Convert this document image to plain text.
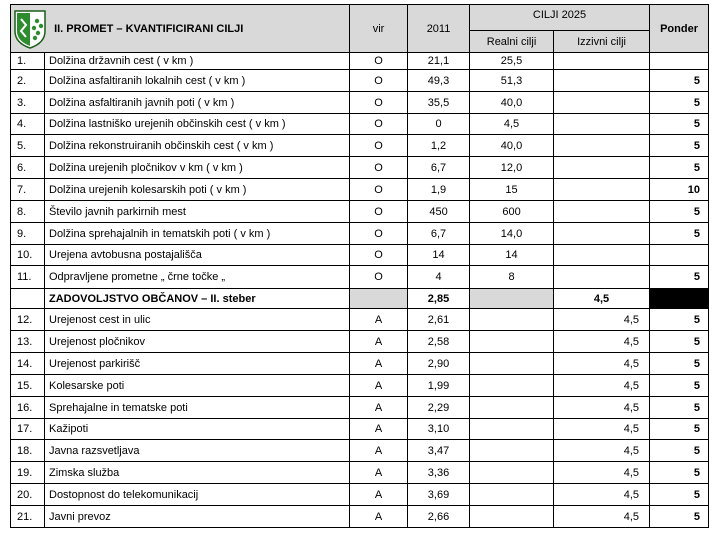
II. PROMET – KVANTIFICIRANI CILJI		vir	2011	CILJI 2025		Ponder
				Realni cilji	Izzivni cilji	
1.	Dolžina državnih cest ( v km )	O	21,1	25,5		
2.	Dolžina asfaltiranih lokalnih cest ( v km )	O	49,3	51,3		5
3.	Dolžina asfaltiranih javnih poti ( v km )	O	35,5	40,0		5
4.	Dolžina lastniško urejenih občinskih cest ( v km )	O	0	4,5		5
5.	Dolžina rekonstruiranih občinskih cest ( v km )	O	1,2	40,0		5
6.	Dolžina urejenih pločnikov v km ( v km )	O	6,7	12,0		5
7.	Dolžina urejenih kolesarskih poti ( v km )	O	1,9	15		10
8.	Število javnih parkirnih mest	O	450	600		5
9.	Dolžina sprehajalnih in tematskih poti ( v km )	O	6,7	14,0		5
10.	Urejena avtobusna postajališča	O	14	14		
11.	Odpravljene prometne „ črne točke „	O	4	8		5
	ZADOVOLJSTVO OBČANOV – II. steber		2,85		4,5	
12.	Urejenost cest in ulic	A	2,61		4,5	5
13.	Urejenost pločnikov	A	2,58		4,5	5
14.	Urejenost parkirišč	A	2,90		4,5	5
15.	Kolesarske poti	A	1,99		4,5	5
16.	Sprehajalne in tematske poti	A	2,29		4,5	5
17.	Kažipoti	A	3,10		4,5	5
18.	Javna razsvetljava	A	3,47		4,5	5
19.	Zimska služba	A	3,36		4,5	5
20.	Dostopnost do telekomunikacij	A	3,69		4,5	5
21.	Javni prevoz	A	2,66		4,5	5
